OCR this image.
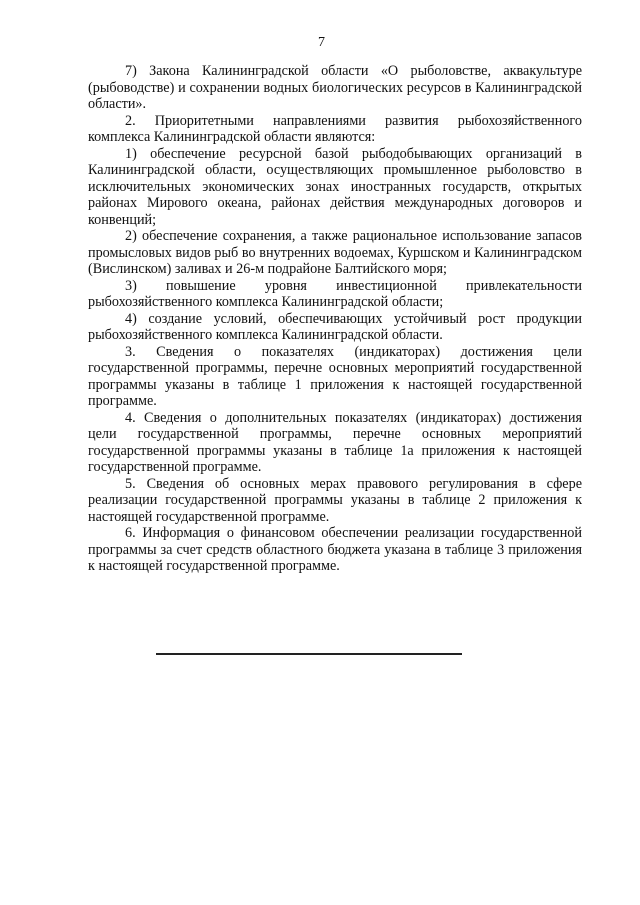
7

7) Закона Калининградской области «О рыболовстве, аквакультуре (рыбоводстве) и сохранении водных биологических ресурсов в Калининградской области».

2. Приоритетными направлениями развития рыбохозяйственного комплекса Калининградской области являются:

1) обеспечение ресурсной базой рыбодобывающих организаций в Калининградской области, осуществляющих промышленное рыболовство в исключительных экономических зонах иностранных государств, открытых районах Мирового океана, районах действия международных договоров и конвенций;

2) обеспечение сохранения, а также рациональное использование запасов промысловых видов рыб во внутренних водоемах, Куршском и Калининградском (Вислинском) заливах и 26-м подрайоне Балтийского моря;

3) повышение уровня инвестиционной привлекательности рыбохозяйственного комплекса Калининградской области;

4) создание условий, обеспечивающих устойчивый рост продукции рыбохозяйственного комплекса Калининградской области.

3. Сведения о показателях (индикаторах) достижения цели государственной программы, перечне основных мероприятий государственной программы указаны в таблице 1 приложения к настоящей государственной программе.

4. Сведения о дополнительных показателях (индикаторах) достижения цели государственной программы, перечне основных мероприятий государственной программы указаны в таблице 1а приложения к настоящей государственной программе.

5. Сведения об основных мерах правового регулирования в сфере реализации государственной программы указаны в таблице 2 приложения к настоящей государственной программе.

6. Информация о финансовом обеспечении реализации государственной программы за счет средств областного бюджета указана в таблице 3 приложения к настоящей государственной программе.
